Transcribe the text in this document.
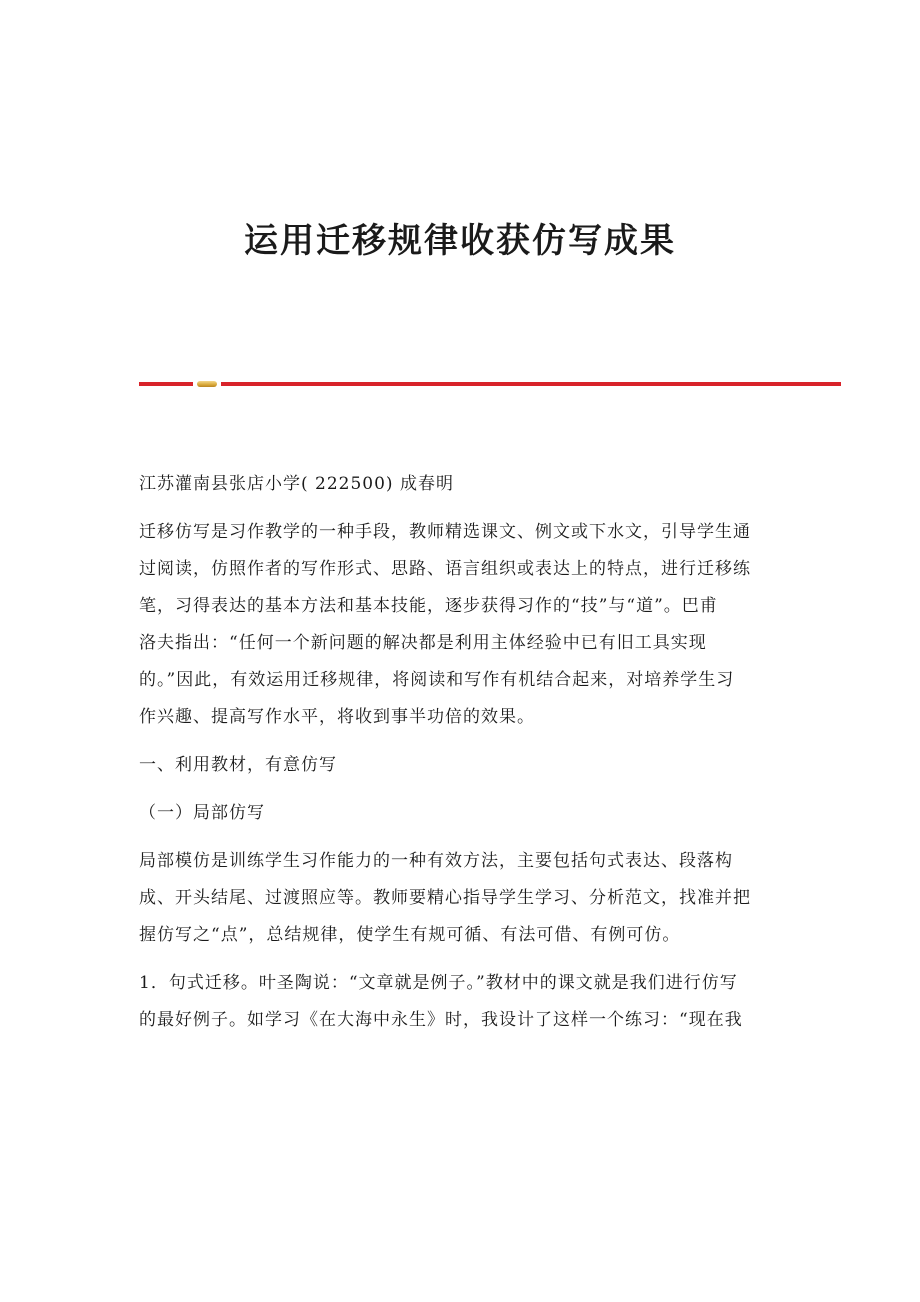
运用迁移规律收获仿写成果

江苏灌南县张店小学( 222500) 成春明

迁移仿写是习作教学的一种手段，教师精选课文、例文或下水文，引导学生通

过阅读，仿照作者的写作形式、思路、语言组织或表达上的特点，进行迁移练

笔，习得表达的基本方法和基本技能，逐步获得习作的“技”与“道”。巴甫

洛夫指出：“任何一个新问题的解决都是利用主体经验中已有旧工具实现

的。”因此，有效运用迁移规律，将阅读和写作有机结合起来，对培养学生习

作兴趣、提高写作水平，将收到事半功倍的效果。

一、利用教材，有意仿写

（一）局部仿写

局部模仿是训练学生习作能力的一种有效方法，主要包括句式表达、段落构

成、开头结尾、过渡照应等。教师要精心指导学生学习、分析范文，找准并把

握仿写之“点”，总结规律，使学生有规可循、有法可借、有例可仿。

1．句式迁移。叶圣陶说：“文章就是例子。”教材中的课文就是我们进行仿写

的最好例子。如学习《在大海中永生》时，我设计了这样一个练习：“现在我
